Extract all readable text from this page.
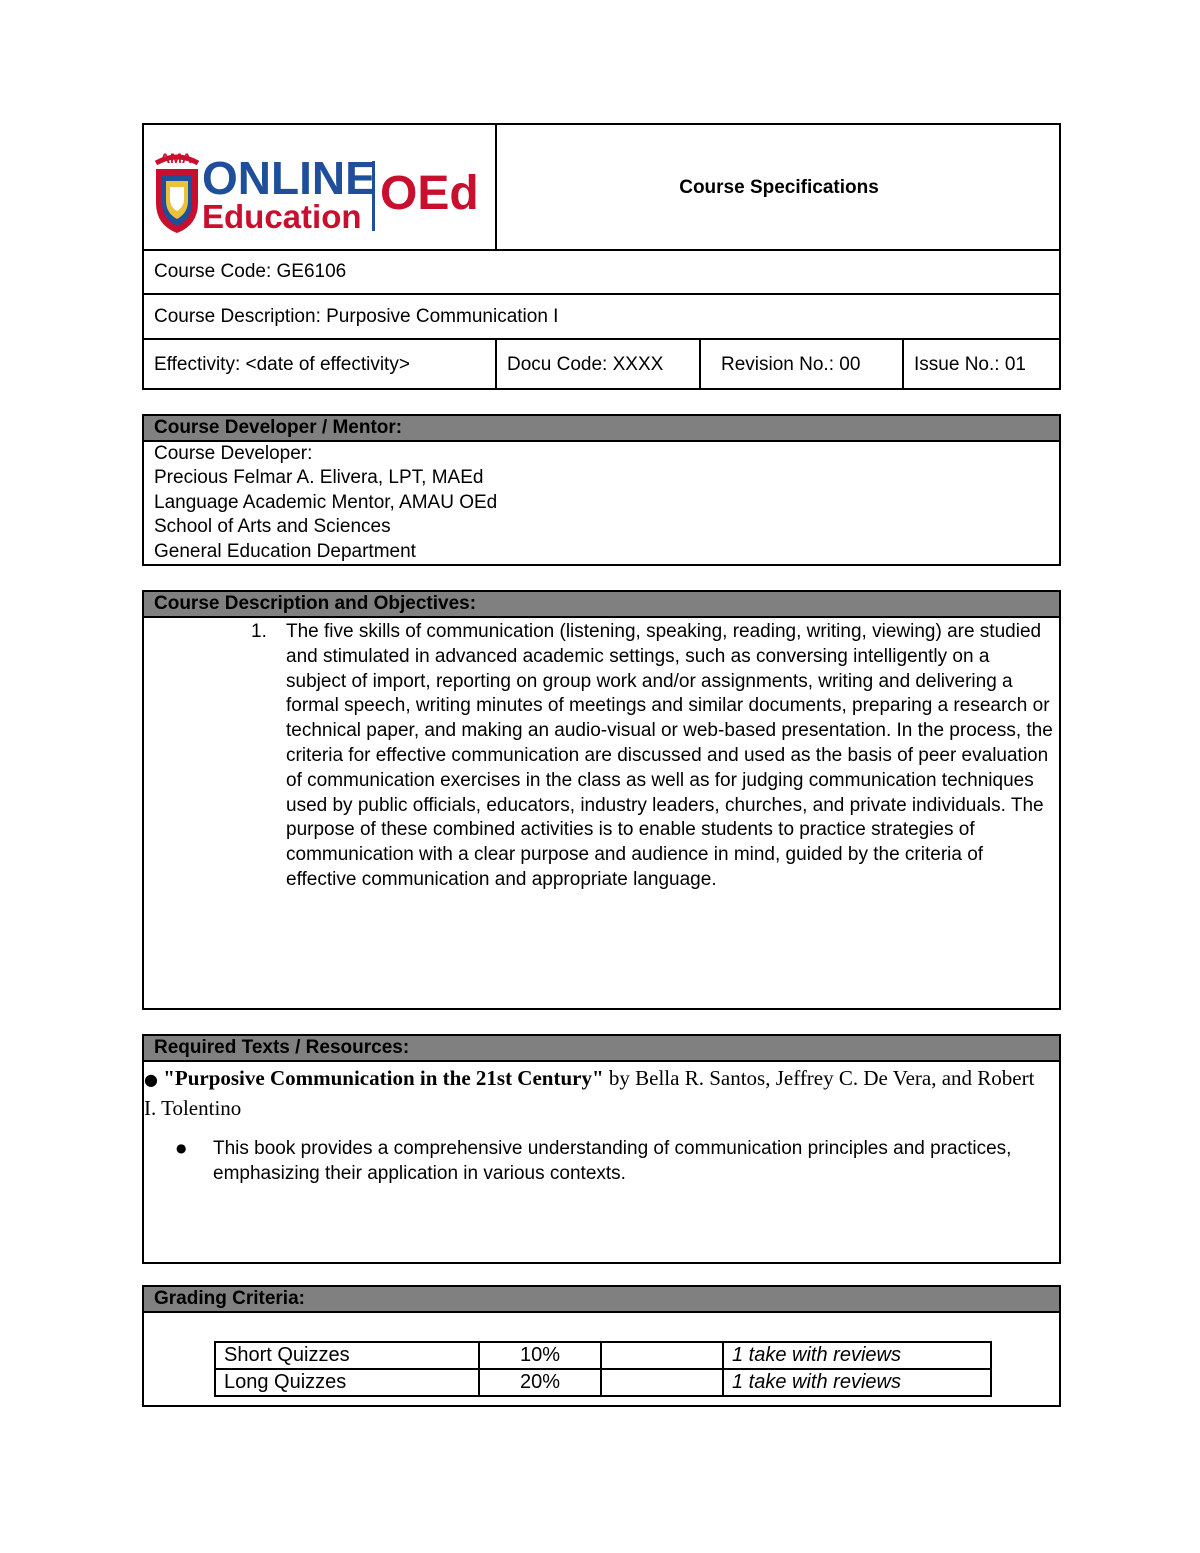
AMA ONLINE
Education OEd	Course Specifications
Course Code: GE6106
Course Description: Purposive Communication I
Effectivity: <date of effectivity>	Docu Code: XXXX	Revision No.: 00	Issue No.: 01
Course Developer / Mentor:
Course Developer:
Precious Felmar A. Elivera, LPT, MAEd
Language Academic Mentor, AMAU OEd
School of Arts and Sciences
General Education Department
Course Description and Objectives:
1. The five skills of communication (listening, speaking, reading, writing, viewing) are studied and stimulated in advanced academic settings, such as conversing intelligently on a subject of import, reporting on group work and/or assignments, writing and delivering a formal speech, writing minutes of meetings and similar documents, preparing a research or technical paper, and making an audio-visual or web-based presentation. In the process, the criteria for effective communication are discussed and used as the basis of peer evaluation of communication exercises in the class as well as for judging communication techniques used by public officials, educators, industry leaders, churches, and private individuals. The purpose of these combined activities is to enable students to practice strategies of communication with a clear purpose and audience in mind, guided by the criteria of effective communication and appropriate language.
Required Texts / Resources:
● "Purposive Communication in the 21st Century" by Bella R. Santos, Jeffrey C. De Vera, and Robert I. Tolentino
● This book provides a comprehensive understanding of communication principles and practices, emphasizing their application in various contexts.
Grading Criteria:
Short Quizzes	10%		1 take with reviews
Long Quizzes	20%		1 take with reviews
